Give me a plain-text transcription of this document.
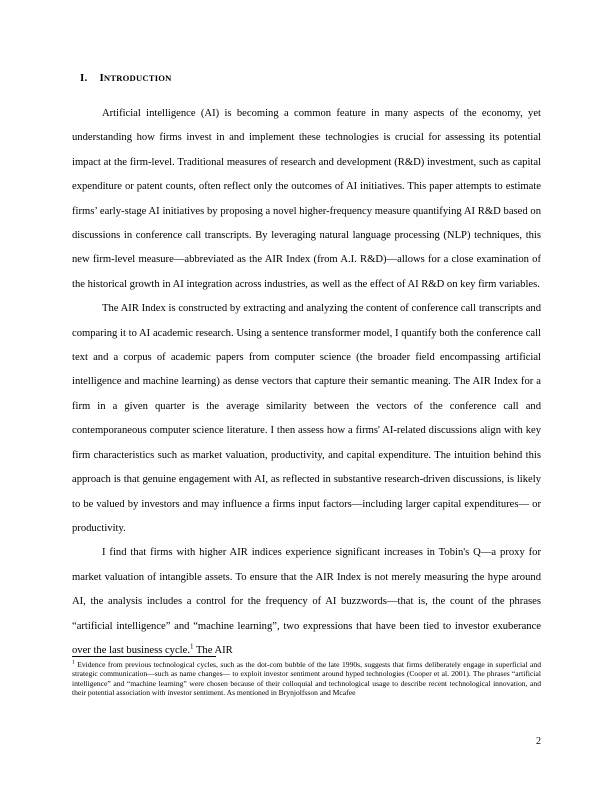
I. INTRODUCTION

Artificial intelligence (AI) is becoming a common feature in many aspects of the economy, yet understanding how firms invest in and implement these technologies is crucial for assessing its potential impact at the firm-level. Traditional measures of research and development (R&D) investment, such as capital expenditure or patent counts, often reflect only the outcomes of AI initiatives. This paper attempts to estimate firms’ early-stage AI initiatives by proposing a novel higher-frequency measure quantifying AI R&D based on discussions in conference call transcripts. By leveraging natural language processing (NLP) techniques, this new firm-level measure—abbreviated as the AIR Index (from A.I. R&D)—allows for a close examination of the historical growth in AI integration across industries, as well as the effect of AI R&D on key firm variables.

The AIR Index is constructed by extracting and analyzing the content of conference call transcripts and comparing it to AI academic research. Using a sentence transformer model, I quantify both the conference call text and a corpus of academic papers from computer science (the broader field encompassing artificial intelligence and machine learning) as dense vectors that capture their semantic meaning. The AIR Index for a firm in a given quarter is the average similarity between the vectors of the conference call and contemporaneous computer science literature. I then assess how a firms' AI-related discussions align with key firm characteristics such as market valuation, productivity, and capital expenditure. The intuition behind this approach is that genuine engagement with AI, as reflected in substantive research-driven discussions, is likely to be valued by investors and may influence a firms input factors—including larger capital expenditures— or productivity.

I find that firms with higher AIR indices experience significant increases in Tobin's Q—a proxy for market valuation of intangible assets. To ensure that the AIR Index is not merely measuring the hype around AI, the analysis includes a control for the frequency of AI buzzwords—that is, the count of the phrases “artificial intelligence” and “machine learning”, two expressions that have been tied to investor exuberance over the last business cycle.$^1$ The AIR

$^1$ Evidence from previous technological cycles, such as the dot-com bubble of the late 1990s, suggests that firms deliberately engage in superficial and strategic communication—such as name changes— to exploit investor sentiment around hyped technologies (Cooper et al. 2001). The phrases “artificial intelligence” and “machine learning” were chosen because of their colloquial and technological usage to describe recent technological innovation, and their potential association with investor sentiment. As mentioned in Brynjolfsson and Mcafee
2
